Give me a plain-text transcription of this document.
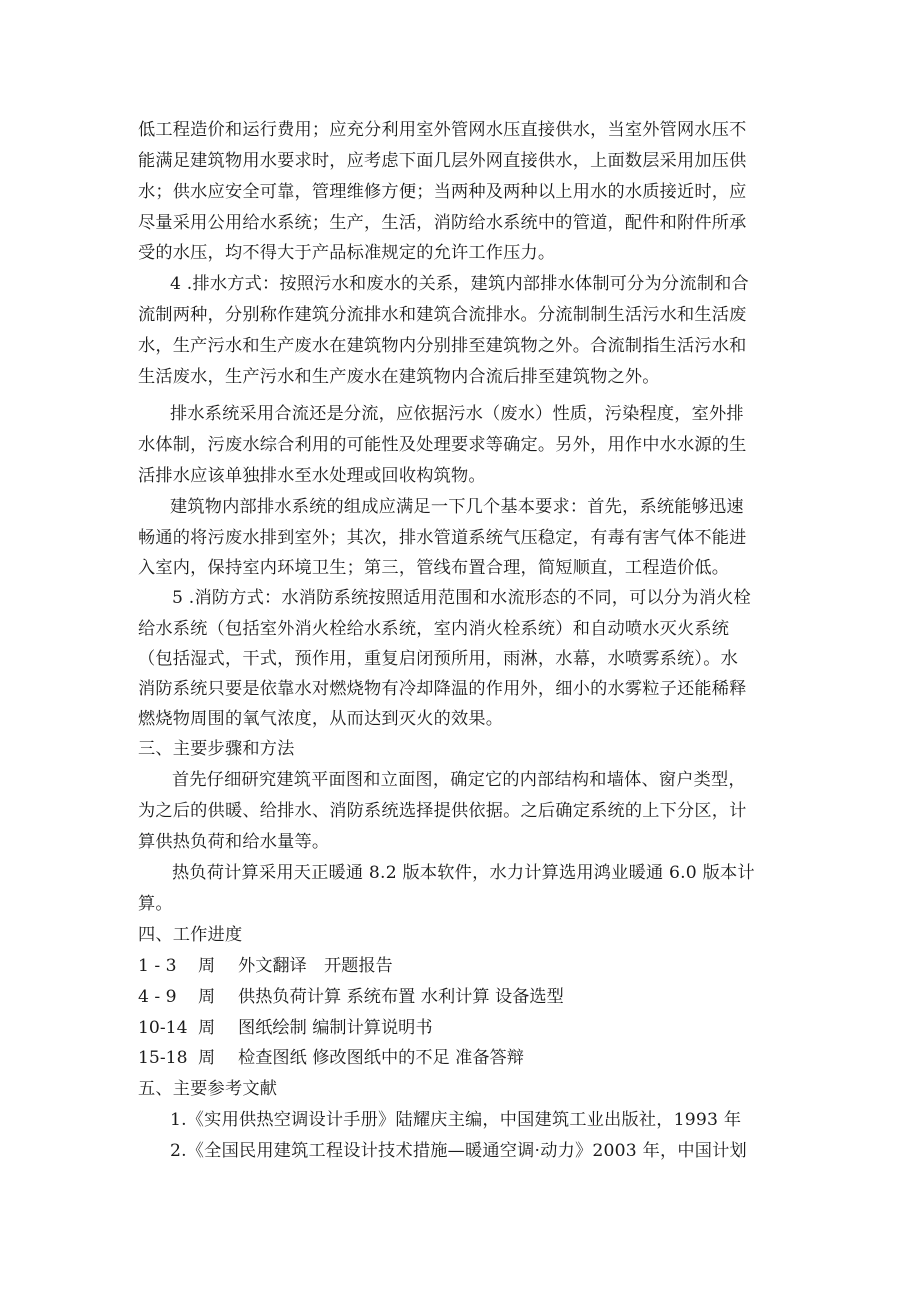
低工程造价和运行费用；应充分利用室外管网水压直接供水，当室外管网水压不
能满足建筑物用水要求时，应考虑下面几层外网直接供水，上面数层采用加压供
水；供水应安全可靠，管理维修方便；当两种及两种以上用水的水质接近时，应
尽量采用公用给水系统；生产，生活，消防给水系统中的管道，配件和附件所承
受的水压，均不得大于产品标准规定的允许工作压力。
4 .排水方式：按照污水和废水的关系，建筑内部排水体制可分为分流制和合
流制两种，分别称作建筑分流排水和建筑合流排水。分流制制生活污水和生活废
水，生产污水和生产废水在建筑物内分别排至建筑物之外。合流制指生活污水和
生活废水，生产污水和生产废水在建筑物内合流后排至建筑物之外。
排水系统采用合流还是分流，应依据污水（废水）性质，污染程度，室外排
水体制，污废水综合利用的可能性及处理要求等确定。另外，用作中水水源的生
活排水应该单独排水至水处理或回收构筑物。
建筑物内部排水系统的组成应满足一下几个基本要求：首先，系统能够迅速
畅通的将污废水排到室外；其次，排水管道系统气压稳定，有毒有害气体不能进
入室内，保持室内环境卫生；第三，管线布置合理，简短顺直，工程造价低。
5 .消防方式：水消防系统按照适用范围和水流形态的不同，可以分为消火栓
给水系统（包括室外消火栓给水系统，室内消火栓系统）和自动喷水灭火系统
（包括湿式，干式，预作用，重复启闭预所用，雨淋，水幕，水喷雾系统）。水
消防系统只要是依靠水对燃烧物有冷却降温的作用外，细小的水雾粒子还能稀释
燃烧物周围的氧气浓度，从而达到灭火的效果。
三、主要步骤和方法
首先仔细研究建筑平面图和立面图，确定它的内部结构和墙体、窗户类型，
为之后的供暖、给排水、消防系统选择提供依据。之后确定系统的上下分区，计
算供热负荷和给水量等。
热负荷计算采用天正暖通 8.2 版本软件，水力计算选用鸿业暖通 6.0 版本计
算。
四、工作进度
1 - 3 周 外文翻译　开题报告
4 - 9 周 供热负荷计算 系统布置 水利计算 设备选型
10-14 周 图纸绘制 编制计算说明书
15-18 周 检查图纸 修改图纸中的不足 准备答辩
五、主要参考文献
1.《实用供热空调设计手册》陆耀庆主编，中国建筑工业出版社，1993 年
2.《全国民用建筑工程设计技术措施—暖通空调·动力》2003 年，中国计划
